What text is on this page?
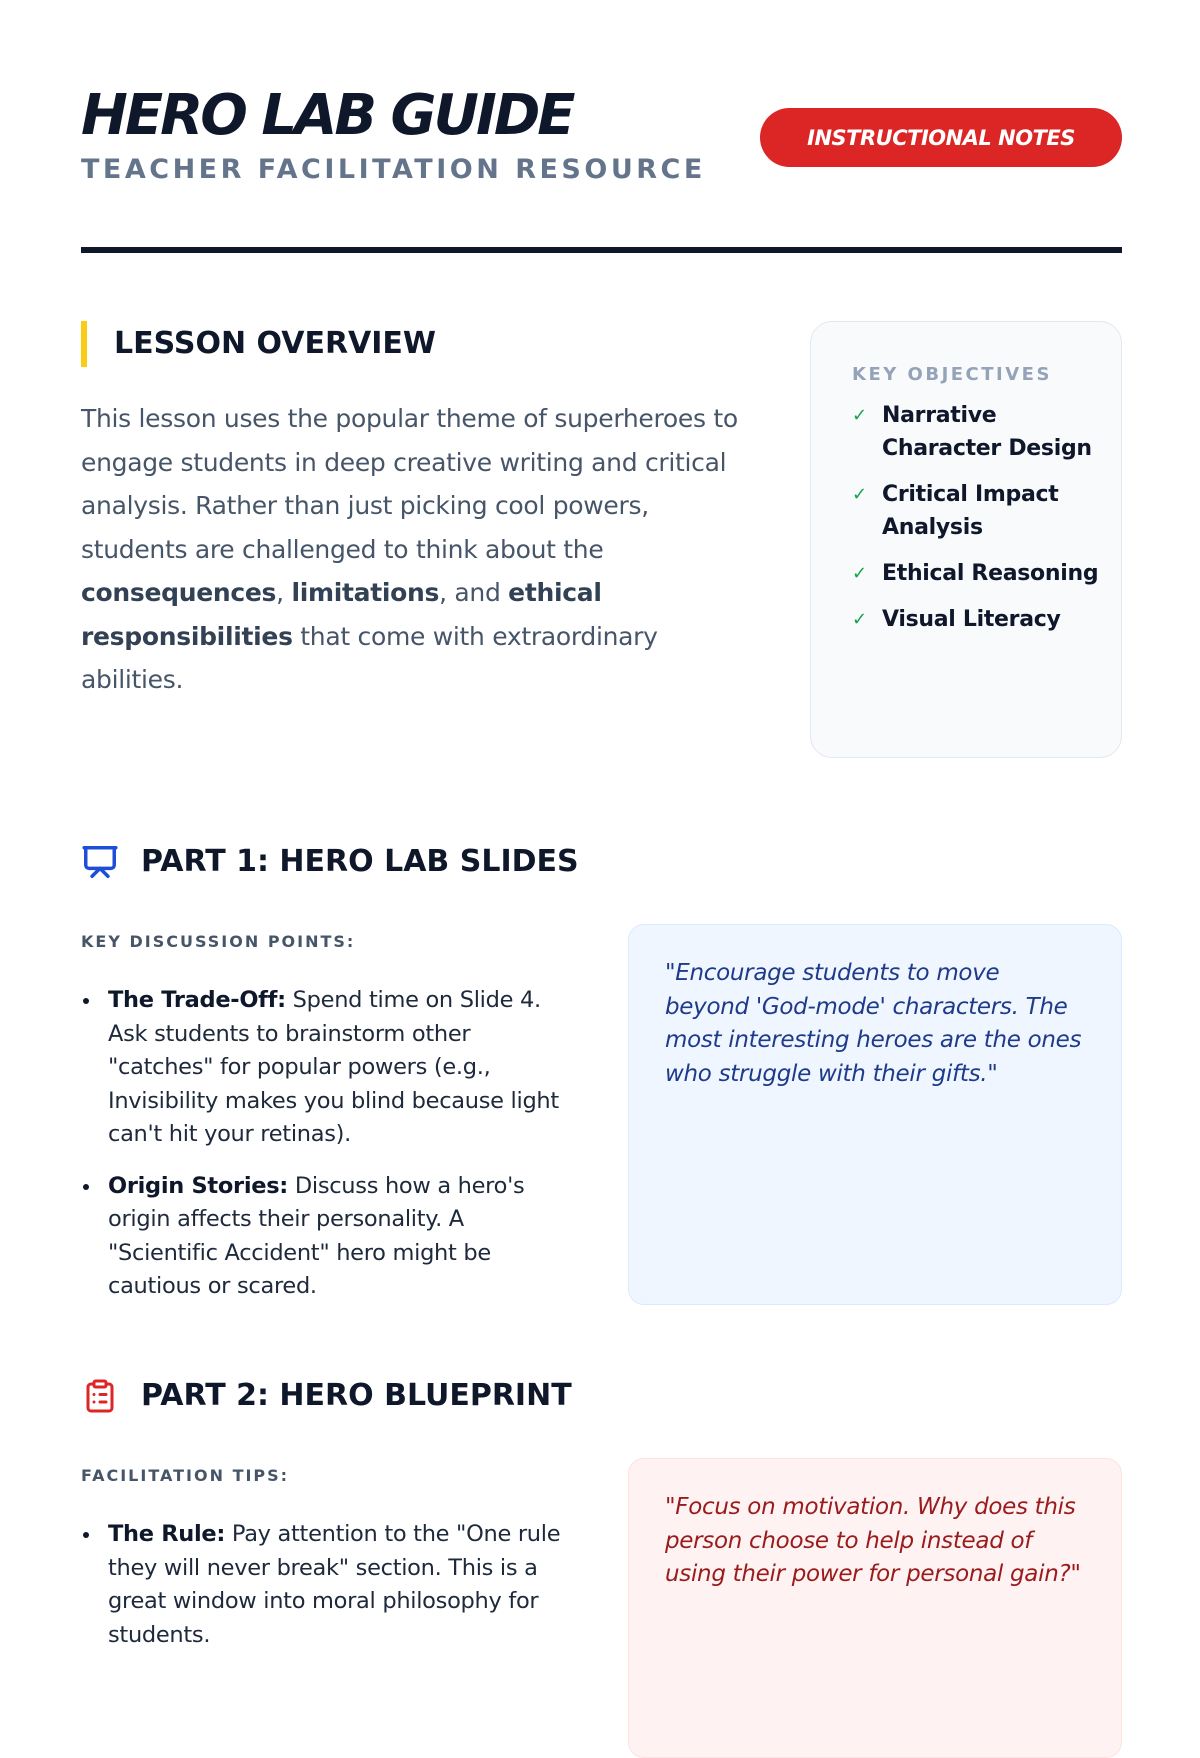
HERO LAB GUIDE
TEACHER FACILITATION RESOURCE
INSTRUCTIONAL NOTES
LESSON OVERVIEW

This lesson uses the popular theme of superheroes to engage students in deep creative writing and critical analysis. Rather than just picking cool powers, students are challenged to think about the consequences, limitations, and ethical responsibilities that come with extraordinary abilities.

KEY OBJECTIVES
✓ Narrative Character Design
✓ Critical Impact Analysis
✓ Ethical Reasoning
✓ Visual Literacy
PART 1: HERO LAB SLIDES
KEY DISCUSSION POINTS:
The Trade-Off: Spend time on Slide 4. Ask students to brainstorm other "catches" for popular powers (e.g., Invisibility makes you blind because light can't hit your retinas).
Origin Stories: Discuss how a hero's origin affects their personality. A "Scientific Accident" hero might be cautious or scared.
"Encourage students to move beyond 'God-mode' characters. The most interesting heroes are the ones who struggle with their gifts."
PART 2: HERO BLUEPRINT
FACILITATION TIPS:
The Rule: Pay attention to the "One rule they will never break" section. This is a great window into moral philosophy for students.
"Focus on motivation. Why does this person choose to help instead of using their power for personal gain?"
